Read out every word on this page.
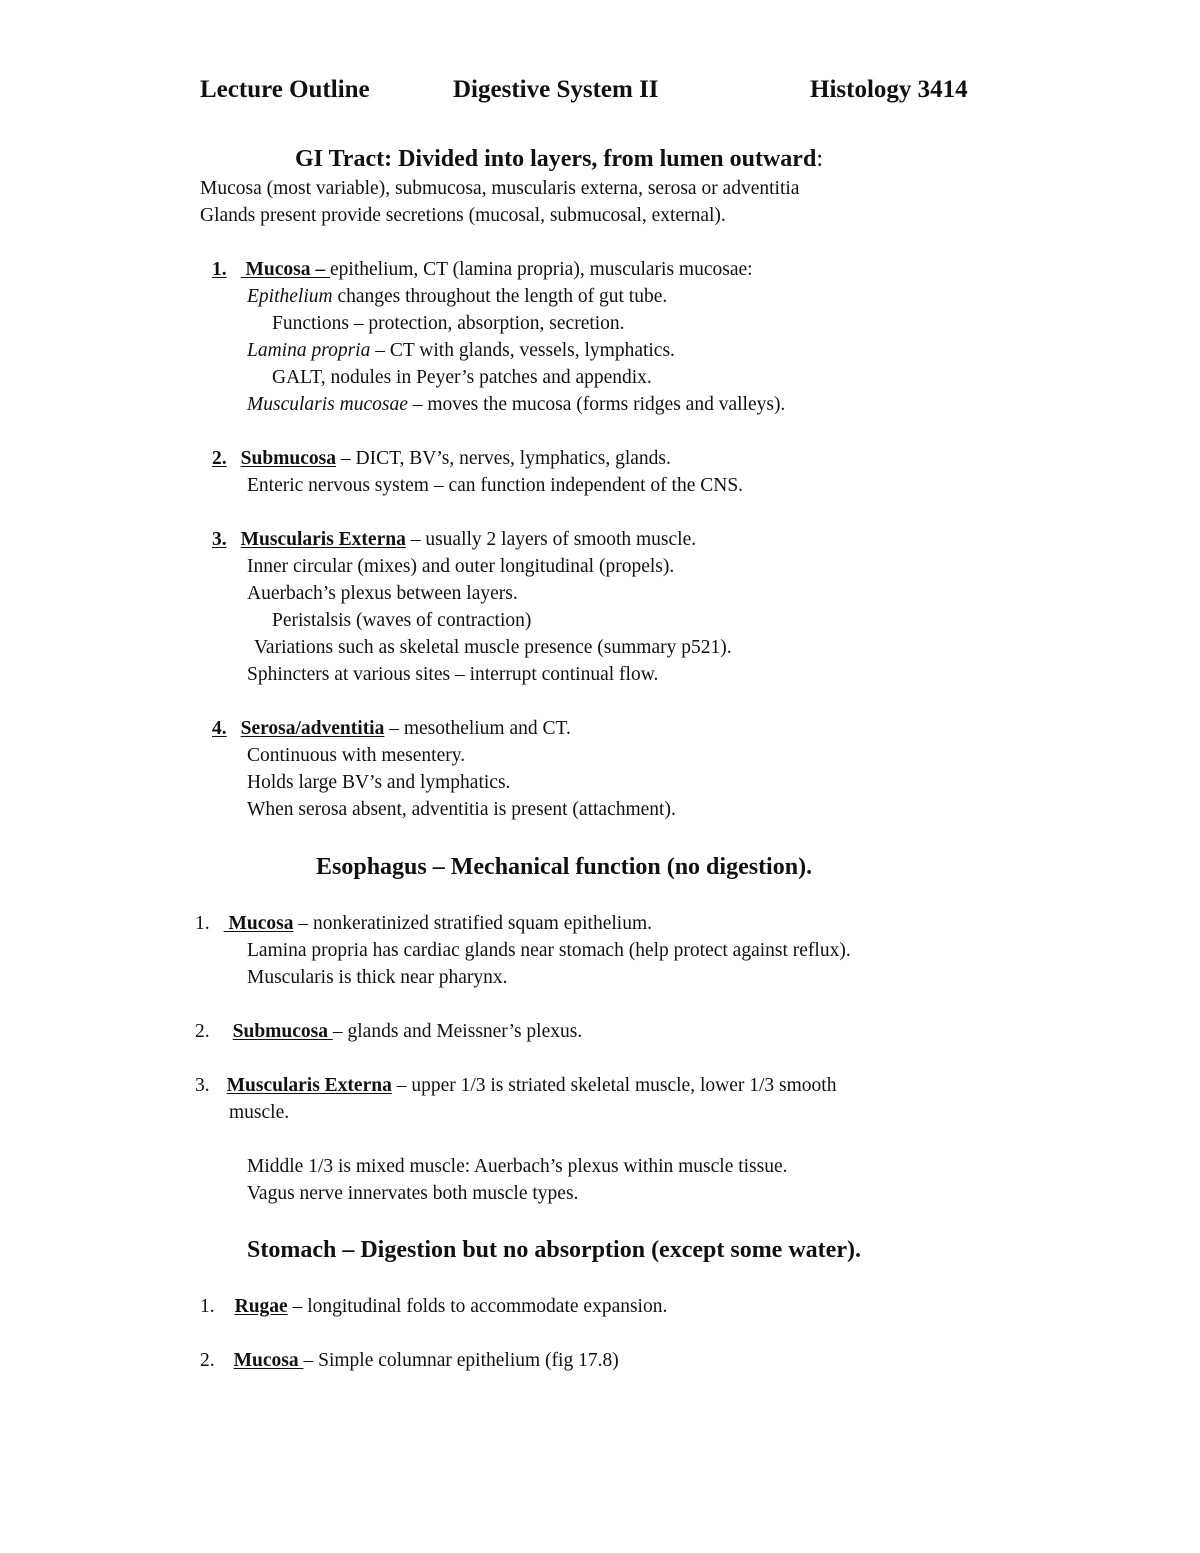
Lecture Outline	Digestive System II	Histology 3414
GI Tract: Divided into layers, from lumen outward:
Mucosa (most variable), submucosa, muscularis externa, serosa or adventitia
Glands present provide secretions (mucosal, submucosal, external).
1. Mucosa – epithelium, CT (lamina propria), muscularis mucosae:
Epithelium changes throughout the length of gut tube.
Functions – protection, absorption, secretion.
Lamina propria – CT with glands, vessels, lymphatics.
GALT, nodules in Peyer’s patches and appendix.
Muscularis mucosae – moves the mucosa (forms ridges and valleys).
2. Submucosa – DICT, BV’s, nerves, lymphatics, glands.
Enteric nervous system – can function independent of the CNS.
3. Muscularis Externa – usually 2 layers of smooth muscle.
Inner circular (mixes) and outer longitudinal (propels).
Auerbach’s plexus between layers.
Peristalsis (waves of contraction)
Variations such as skeletal muscle presence (summary p521).
Sphincters at various sites – interrupt continual flow.
4. Serosa/adventitia – mesothelium and CT.
Continuous with mesentery.
Holds large BV’s and lymphatics.
When serosa absent, adventitia is present (attachment).
Esophagus – Mechanical function (no digestion).
1. Mucosa – nonkeratinized stratified squam epithelium.
Lamina propria has cardiac glands near stomach (help protect against reflux).
Muscularis is thick near pharynx.
2. Submucosa – glands and Meissner’s plexus.
3. Muscularis Externa – upper 1/3 is striated skeletal muscle, lower 1/3 smooth
muscle.
Middle 1/3 is mixed muscle: Auerbach’s plexus within muscle tissue.
Vagus nerve innervates both muscle types.
Stomach – Digestion but no absorption (except some water).
1. Rugae – longitudinal folds to accommodate expansion.
2. Mucosa – Simple columnar epithelium (fig 17.8)
